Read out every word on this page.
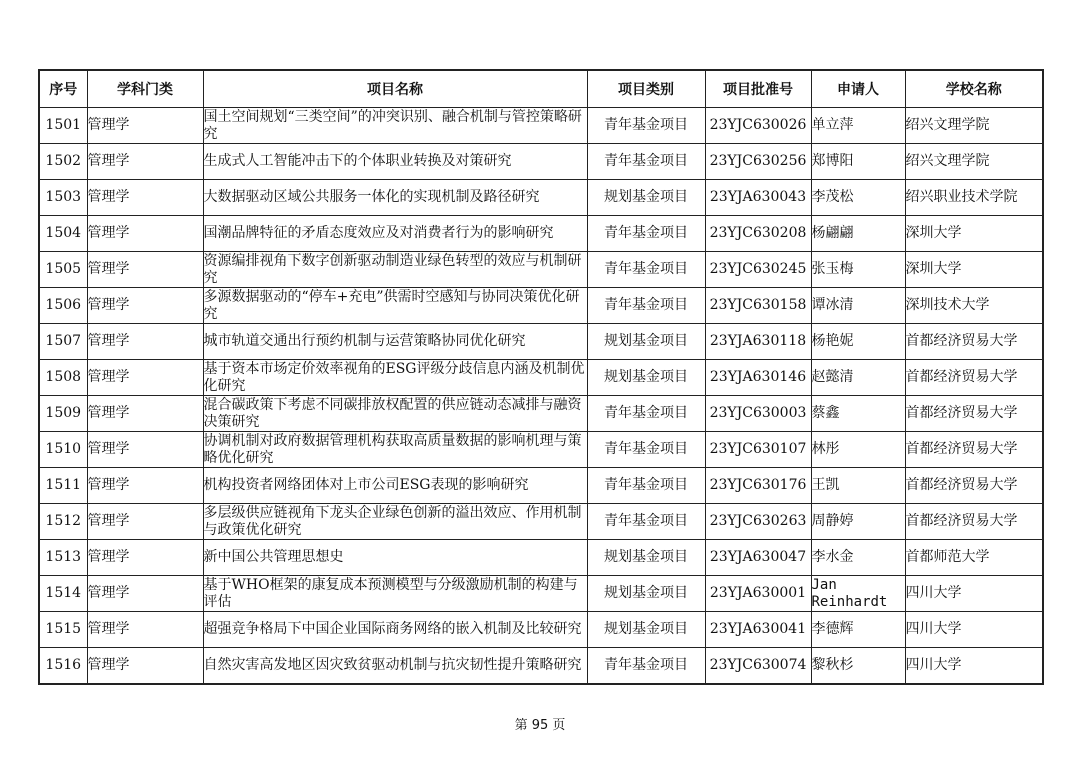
序号	学科门类	项目名称	项目类别	项目批准号	申请人	学校名称
1501	管理学	国土空间规划“三类空间”的冲突识别、融合机制与管控策略研究	青年基金项目	23YJC630026	单立萍	绍兴文理学院
1502	管理学	生成式人工智能冲击下的个体职业转换及对策研究	青年基金项目	23YJC630256	郑博阳	绍兴文理学院
1503	管理学	大数据驱动区域公共服务一体化的实现机制及路径研究	规划基金项目	23YJA630043	李茂松	绍兴职业技术学院
1504	管理学	国潮品牌特征的矛盾态度效应及对消费者行为的影响研究	青年基金项目	23YJC630208	杨翩翩	深圳大学
1505	管理学	资源编排视角下数字创新驱动制造业绿色转型的效应与机制研究	青年基金项目	23YJC630245	张玉梅	深圳大学
1506	管理学	多源数据驱动的“停车+充电”供需时空感知与协同决策优化研究	青年基金项目	23YJC630158	谭冰清	深圳技术大学
1507	管理学	城市轨道交通出行预约机制与运营策略协同优化研究	规划基金项目	23YJA630118	杨艳妮	首都经济贸易大学
1508	管理学	基于资本市场定价效率视角的ESG评级分歧信息内涵及机制优化研究	规划基金项目	23YJA630146	赵懿清	首都经济贸易大学
1509	管理学	混合碳政策下考虑不同碳排放权配置的供应链动态减排与融资决策研究	青年基金项目	23YJC630003	蔡鑫	首都经济贸易大学
1510	管理学	协调机制对政府数据管理机构获取高质量数据的影响机理与策略优化研究	青年基金项目	23YJC630107	林彤	首都经济贸易大学
1511	管理学	机构投资者网络团体对上市公司ESG表现的影响研究	青年基金项目	23YJC630176	王凯	首都经济贸易大学
1512	管理学	多层级供应链视角下龙头企业绿色创新的溢出效应、作用机制与政策优化研究	青年基金项目	23YJC630263	周静婷	首都经济贸易大学
1513	管理学	新中国公共管理思想史	规划基金项目	23YJA630047	李水金	首都师范大学
1514	管理学	基于WHO框架的康复成本预测模型与分级激励机制的构建与评估	规划基金项目	23YJA630001	Jan Reinhardt	四川大学
1515	管理学	超强竞争格局下中国企业国际商务网络的嵌入机制及比较研究	规划基金项目	23YJA630041	李德辉	四川大学
1516	管理学	自然灾害高发地区因灾致贫驱动机制与抗灾韧性提升策略研究	青年基金项目	23YJC630074	黎秋杉	四川大学
第 95 页
